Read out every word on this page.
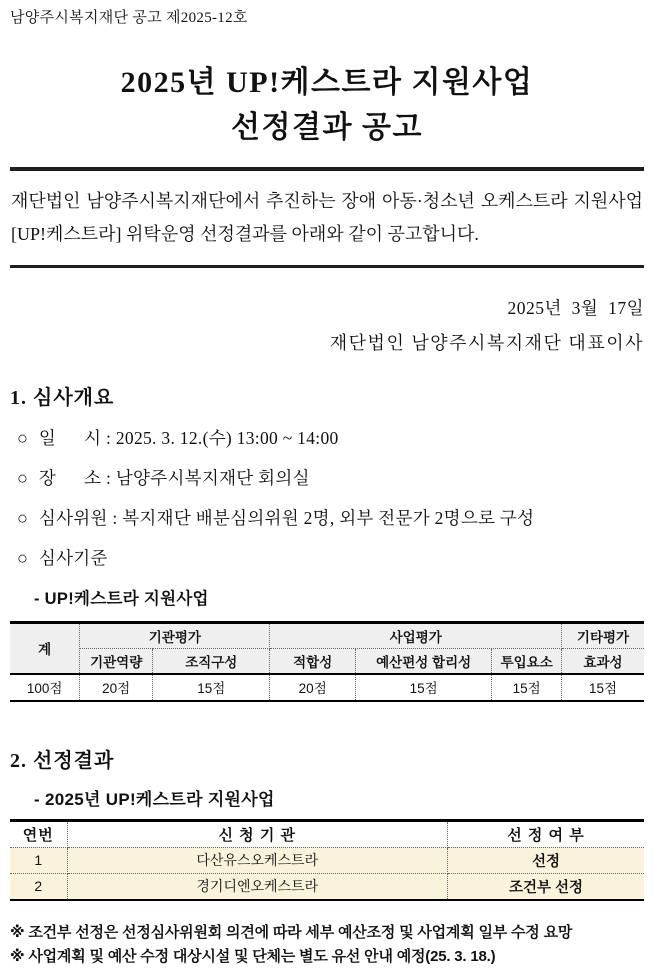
남양주시복지재단 공고 제2025-12호
2025년 UP!케스트라 지원사업
선정결과 공고

재단법인 남양주시복지재단에서 추진하는 장애 아동·청소년 오케스트라 지원사업 [UP!케스트라] 위탁운영 선정결과를 아래와 같이 공고합니다.

2025년  3월  17일
재단법인 남양주시복지재단 대표이사
1. 심사개요
○ 일      시 : 2025. 3. 12.(수) 13:00 ~ 14:00
○ 장      소 : 남양주시복지재단 회의실
○ 심사위원 : 복지재단 배분심의위원 2명, 외부 전문가 2명으로 구성
○ 심사기준
- UP!케스트라 지원사업
계	기관평가		사업평가			기타평가
	기관역량	조직구성	적합성	예산편성 합리성	투입요소	효과성
100점	20점	15점	20점	15점	15점	15점
2. 선정결과
- 2025년 UP!케스트라 지원사업
연번	신 청 기 관	선 정 여 부
1	다산유스오케스트라	선정
2	경기디엔오케스트라	조건부 선정
※ 조건부 선정은 선정심사위원회 의견에 따라 세부 예산조정 및 사업계획 일부 수정 요망
※ 사업계획 및 예산 수정 대상시설 및 단체는 별도 유선 안내 예정(25. 3. 18.)
